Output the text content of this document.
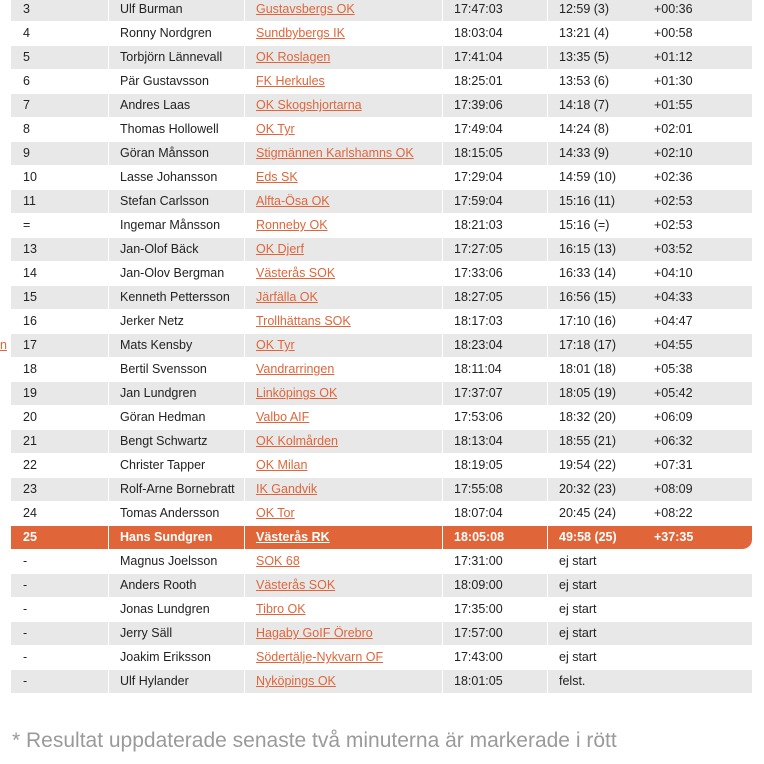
n
3	Ulf Burman	Gustavsbergs OK	17:47:03	12:59 (3)	+00:36
4	Ronny Nordgren	Sundbybergs IK	18:03:04	13:21 (4)	+00:58
5	Torbjörn Lännevall	OK Roslagen	17:41:04	13:35 (5)	+01:12
6	Pär Gustavsson	FK Herkules	18:25:01	13:53 (6)	+01:30
7	Andres Laas	OK Skogshjortarna	17:39:06	14:18 (7)	+01:55
8	Thomas Hollowell	OK Tyr	17:49:04	14:24 (8)	+02:01
9	Göran Månsson	Stigmännen Karlshamns OK	18:15:05	14:33 (9)	+02:10
10	Lasse Johansson	Eds SK	17:29:04	14:59 (10)	+02:36
11	Stefan Carlsson	Alfta-Ösa OK	17:59:04	15:16 (11)	+02:53
=	Ingemar Månsson	Ronneby OK	18:21:03	15:16 (=)	+02:53
13	Jan-Olof Bäck	OK Djerf	17:27:05	16:15 (13)	+03:52
14	Jan-Olov Bergman	Västerås SOK	17:33:06	16:33 (14)	+04:10
15	Kenneth Pettersson	Järfälla OK	18:27:05	16:56 (15)	+04:33
16	Jerker Netz	Trollhättans SOK	18:17:03	17:10 (16)	+04:47
17	Mats Kensby	OK Tyr	18:23:04	17:18 (17)	+04:55
18	Bertil Svensson	Vandrarringen	18:11:04	18:01 (18)	+05:38
19	Jan Lundgren	Linköpings OK	17:37:07	18:05 (19)	+05:42
20	Göran Hedman	Valbo AIF	17:53:06	18:32 (20)	+06:09
21	Bengt Schwartz	OK Kolmården	18:13:04	18:55 (21)	+06:32
22	Christer Tapper	OK Milan	18:19:05	19:54 (22)	+07:31
23	Rolf-Arne Bornebratt	IK Gandvik	17:55:08	20:32 (23)	+08:09
24	Tomas Andersson	OK Tor	18:07:04	20:45 (24)	+08:22
25	Hans Sundgren	Västerås RK	18:05:08	49:58 (25)	+37:35
-	Magnus Joelsson	SOK 68	17:31:00	ej start
-	Anders Rooth	Västerås SOK	18:09:00	ej start
-	Jonas Lundgren	Tibro OK	17:35:00	ej start
-	Jerry Säll	Hagaby GoIF Örebro	17:57:00	ej start
-	Joakim Eriksson	Södertälje-Nykvarn OF	17:43:00	ej start
-	Ulf Hylander	Nyköpings OK	18:01:05	felst.
* Resultat uppdaterade senaste två minuterna är markerade i rött
